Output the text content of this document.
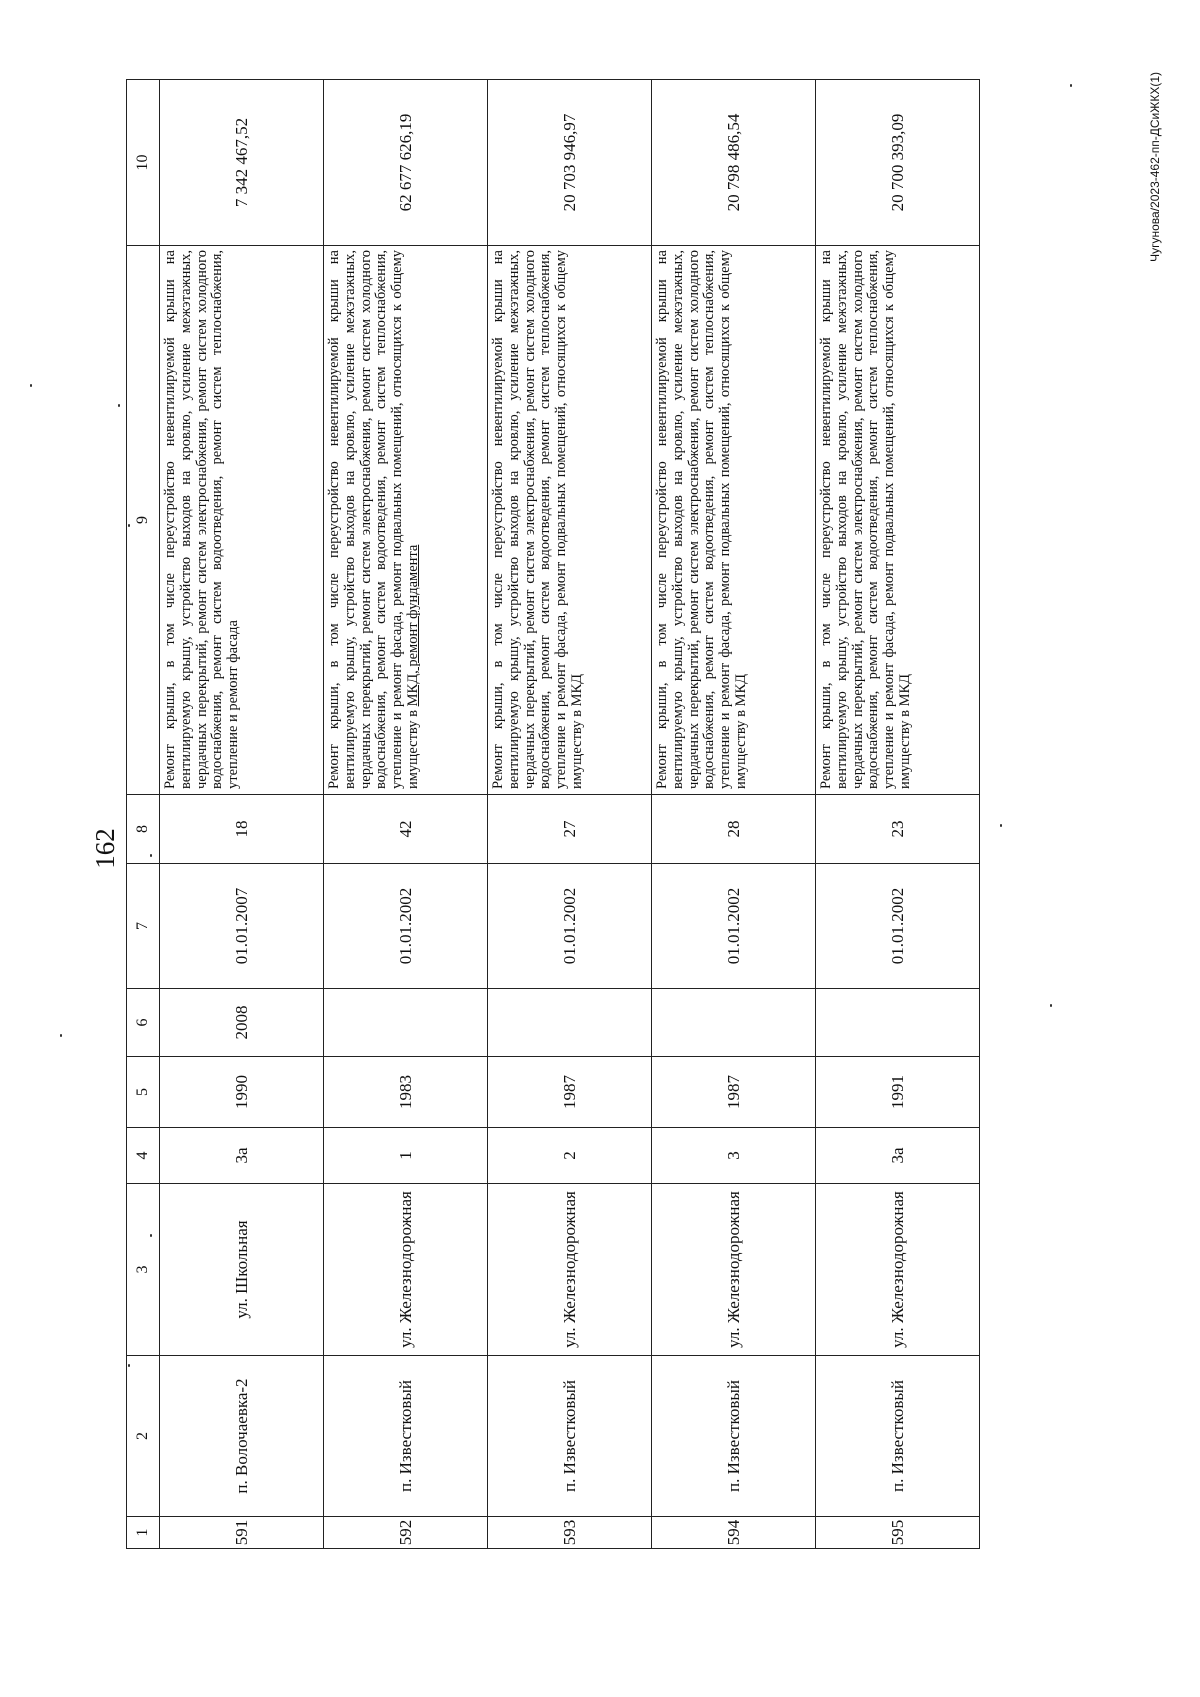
162
1	2	3	4	5	6	7	8	9	10
591	п. Волочаевка-2	ул. Школьная	3а	1990	2008	01.01.2007	18	Ремонт крыши, в том числе переустройство невентилируемой крыши на вентилируемую крышу, устройство выходов на кровлю, усиление межэтажных, чердачных перекрытий, ремонт систем электроснабжения, ремонт систем холодного водоснабжения, ремонт систем водоотведения, ремонт систем теплоснабжения, утепление и ремонт фасада	7 342 467,52
592	п. Известковый	ул. Железнодорожная	1	1983		01.01.2002	42	Ремонт крыши, в том числе переустройство невентилируемой крыши на вентилируемую крышу, устройство выходов на кровлю, усиление межэтажных, чердачных перекрытий, ремонт систем электроснабжения, ремонт систем холодного водоснабжения, ремонт систем водоотведения, ремонт систем теплоснабжения, утепление и ремонт фасада, ремонт подвальных помещений, относящихся к общему имуществу в МКД, ремонт фундамента	62 677 626,19
593	п. Известковый	ул. Железнодорожная	2	1987		01.01.2002	27	Ремонт крыши, в том числе переустройство невентилируемой крыши на вентилируемую крышу, устройство выходов на кровлю, усиление межэтажных, чердачных перекрытий, ремонт систем электроснабжения, ремонт систем холодного водоснабжения, ремонт систем водоотведения, ремонт систем теплоснабжения, утепление и ремонт фасада, ремонт подвальных помещений, относящихся к общему имуществу в МКД	20 703 946,97
594	п. Известковый	ул. Железнодорожная	3	1987		01.01.2002	28	Ремонт крыши, в том числе переустройство невентилируемой крыши на вентилируемую крышу, устройство выходов на кровлю, усиление межэтажных, чердачных перекрытий, ремонт систем электроснабжения, ремонт систем холодного водоснабжения, ремонт систем водоотведения, ремонт систем теплоснабжения, утепление и ремонт фасада, ремонт подвальных помещений, относящихся к общему имуществу в МКД	20 798 486,54
595	п. Известковый	ул. Железнодорожная	3а	1991		01.01.2002	23	Ремонт крыши, в том числе переустройство невентилируемой крыши на вентилируемую крышу, устройство выходов на кровлю, усиление межэтажных, чердачных перекрытий, ремонт систем электроснабжения, ремонт систем холодного водоснабжения, ремонт систем водоотведения, ремонт систем теплоснабжения, утепление и ремонт фасада, ремонт подвальных помещений, относящихся к общему имуществу в МКД	20 700 393,09	Чугунова/2023-462-пп-ДСиЖКХ(1)
